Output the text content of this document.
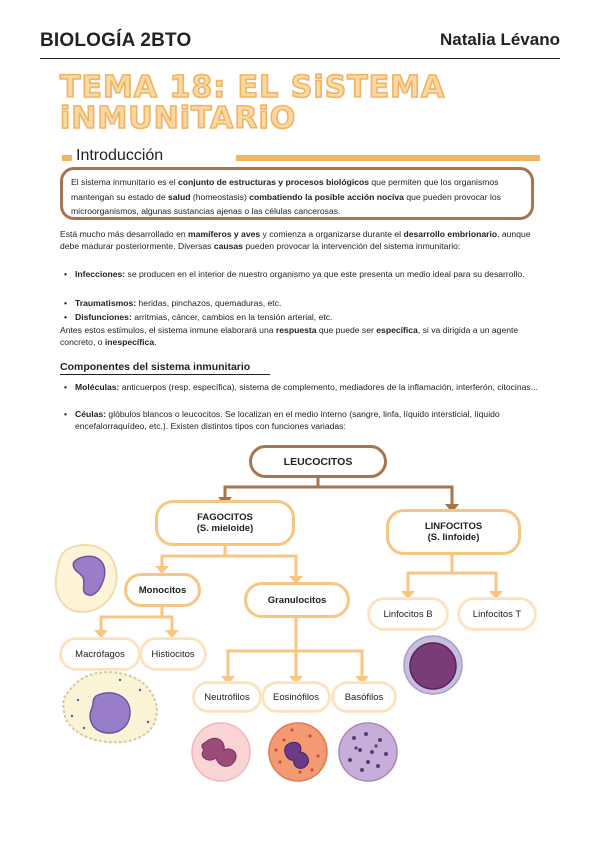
BIOLOGÍA 2BTO	Natalia Lévano
TEMA 18: EL SiSTEMA
iNMUNiTARiO
Introducción
El sistema inmunitario es el conjunto de estructuras y procesos biológicos que permiten que los organismos mantengan su estado de salud (homeostasis) combatiendo la posible acción nociva que pueden provocar los microorganismos, algunas sustancias ajenas o las células cancerosas.
Está mucho más desarrollado en mamíferos y aves y comienza a organizarse durante el desarrollo embrionario, aunque debe madurar posteriormente. Diversas causas pueden provocar la intervención del sistema inmunitario:
• Infecciones: se producen en el interior de nuestro organismo ya que este presenta un medio ideal para su desarrollo.
• Traumatismos: heridas, pinchazos, quemaduras, etc.
• Disfunciones: arritmias, cáncer, cambios en la tensión arterial, etc.
Antes estos estímulos, el sistema inmune elaborará una respuesta que puede ser específica, si va dirigida a un agente concreto, o inespecífica.
Componentes del sistema inmunitario
• Moléculas: anticuerpos (resp. específica), sistema de complemento, mediadores de la inflamación, interferón, citocinas...
• Céulas: glóbulos blancos o leucocitos. Se localizan en el medio interno (sangre, linfa, líquido intersticial, líquido encefalorraquídeo, etc.). Existen distintos tipos con funciones variadas:
LEUCOCITOS
FAGOCITOS
(S. mieloide)	LINFOCITOS
(S. linfoide)
Monocitos
Granulocitos
Macrófagos	Histiocitos
Neutrófilos	Eosinófilos	Basófilos
Linfocitos B	Linfocitos T
